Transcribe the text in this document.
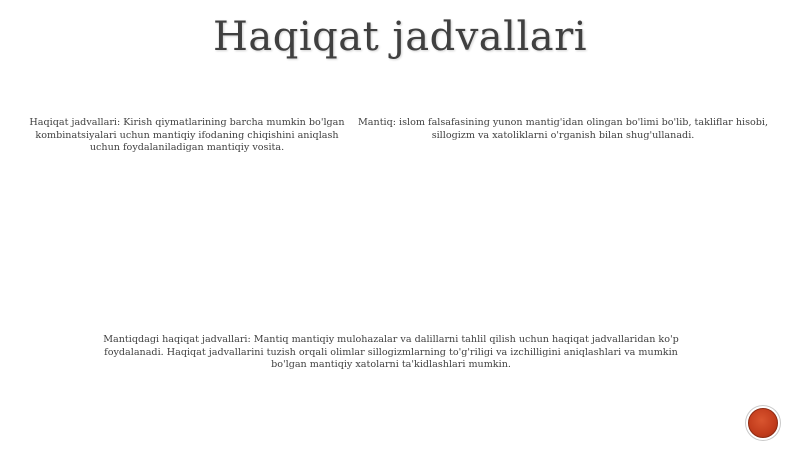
Haqiqat jadvallari

Haqiqat jadvallari: Kirish qiymatlarining barcha mumkin bo'lgan kombinatsiyalari uchun mantiqiy ifodaning chiqishini aniqlash uchun foydalaniladigan mantiqiy vosita.

Mantiq: islom falsafasining yunon mantig'idan olingan bo'limi bo'lib, takliflar hisobi, sillogizm va xatoliklarni o'rganish bilan shug'ullanadi.

Mantiqdagi haqiqat jadvallari: Mantiq mantiqiy mulohazalar va dalillarni tahlil qilish uchun haqiqat jadvallaridan ko'p foydalanadi. Haqiqat jadvallarini tuzish orqali olimlar sillogizmlarning to'g'riligi va izchilligini aniqlashlari va mumkin bo'lgan mantiqiy xatolarni ta'kidlashlari mumkin.
